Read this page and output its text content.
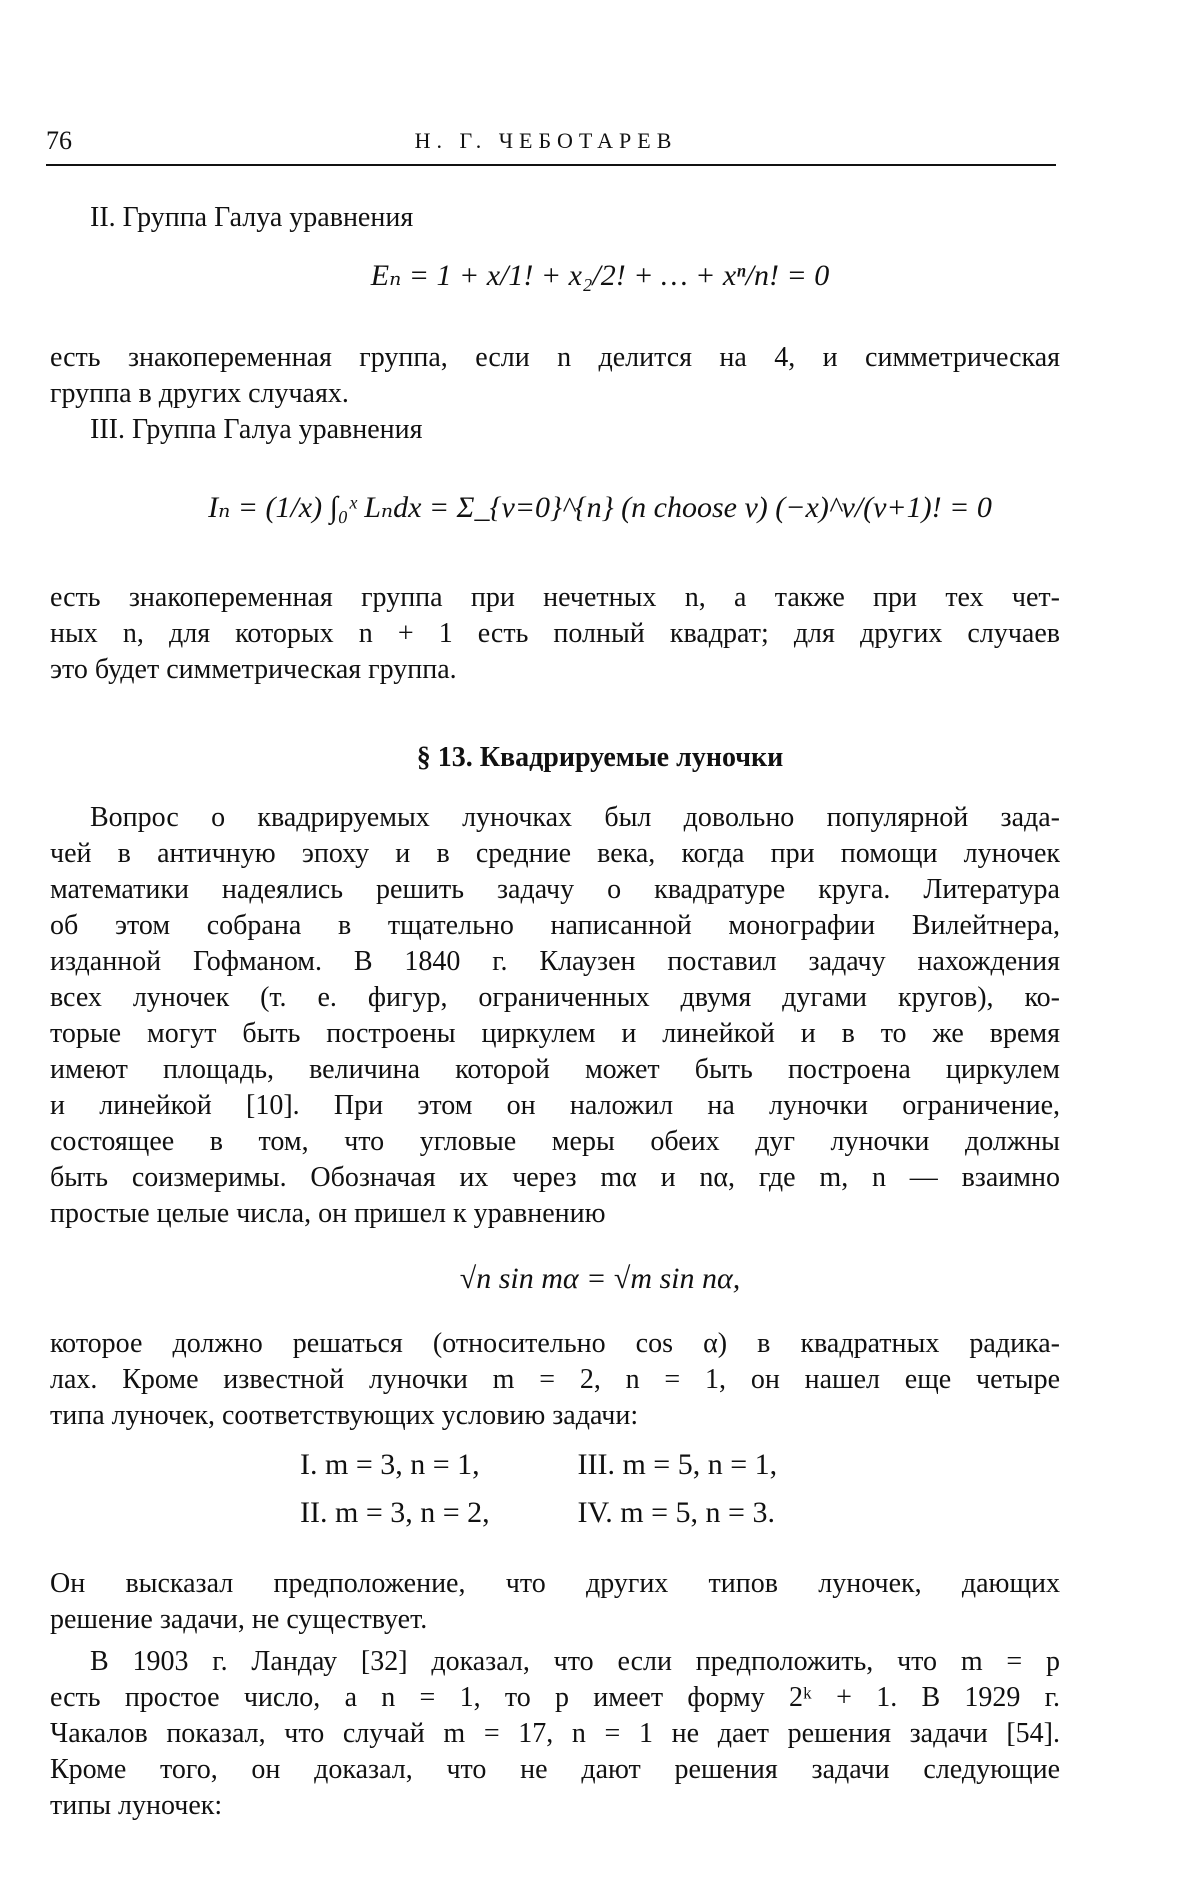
76	Н. Г. ЧЕБОТАРЕВ
II. Группа Галуа уравнения
Eₙ = 1 + x/1! + x₂/2! + … + xⁿ/n! = 0
есть знакопеременная группа, если n делится на 4, и симметрическая
группа в других случаях.
III. Группа Галуа уравнения
Iₙ = (1/x) ∫₀ˣ Lₙdx = Σ_{ν=0}^{n} (n choose ν) (−x)^ν/(ν+1)! = 0
есть знакопеременная группа при нечетных n, а также при тех чет-
ных n, для которых n + 1 есть полный квадрат; для других случаев
это будет симметрическая группа.
§ 13. Квадрируемые луночки
Вопрос о квадрируемых луночках был довольно популярной зада-
чей в античную эпоху и в средние века, когда при помощи луночек
математики надеялись решить задачу о квадратуре круга. Литература
об этом собрана в тщательно написанной монографии Вилейтнера,
изданной Гофманом. В 1840 г. Клаузен поставил задачу нахождения
всех луночек (т. е. фигур, ограниченных двумя дугами кругов), ко-
торые могут быть построены циркулем и линейкой и в то же время
имеют площадь, величина которой может быть построена циркулем
и линейкой [10]. При этом он наложил на луночки ограничение,
состоящее в том, что угловые меры обеих дуг луночки должны
быть соизмеримы. Обозначая их через mα и nα, где m, n — взаимно
простые целые числа, он пришел к уравнению
√n sin mα = √m sin nα,
которое должно решаться (относительно cos α) в квадратных радика-
лах. Кроме известной луночки m = 2, n = 1, он нашел еще четыре
типа луночек, соответствующих условию задачи:
I. m = 3, n = 1,	III. m = 5, n = 1,
II. m = 3, n = 2,	IV. m = 5, n = 3.
Он высказал предположение, что других типов луночек, дающих
решение задачи, не существует.
В 1903 г. Ландау [32] доказал, что если предположить, что m = p
есть простое число, а n = 1, то p имеет форму 2ᵏ + 1. В 1929 г.
Чакалов показал, что случай m = 17, n = 1 не дает решения задачи [54].
Кроме того, он доказал, что не дают решения задачи следующие
типы луночек:
